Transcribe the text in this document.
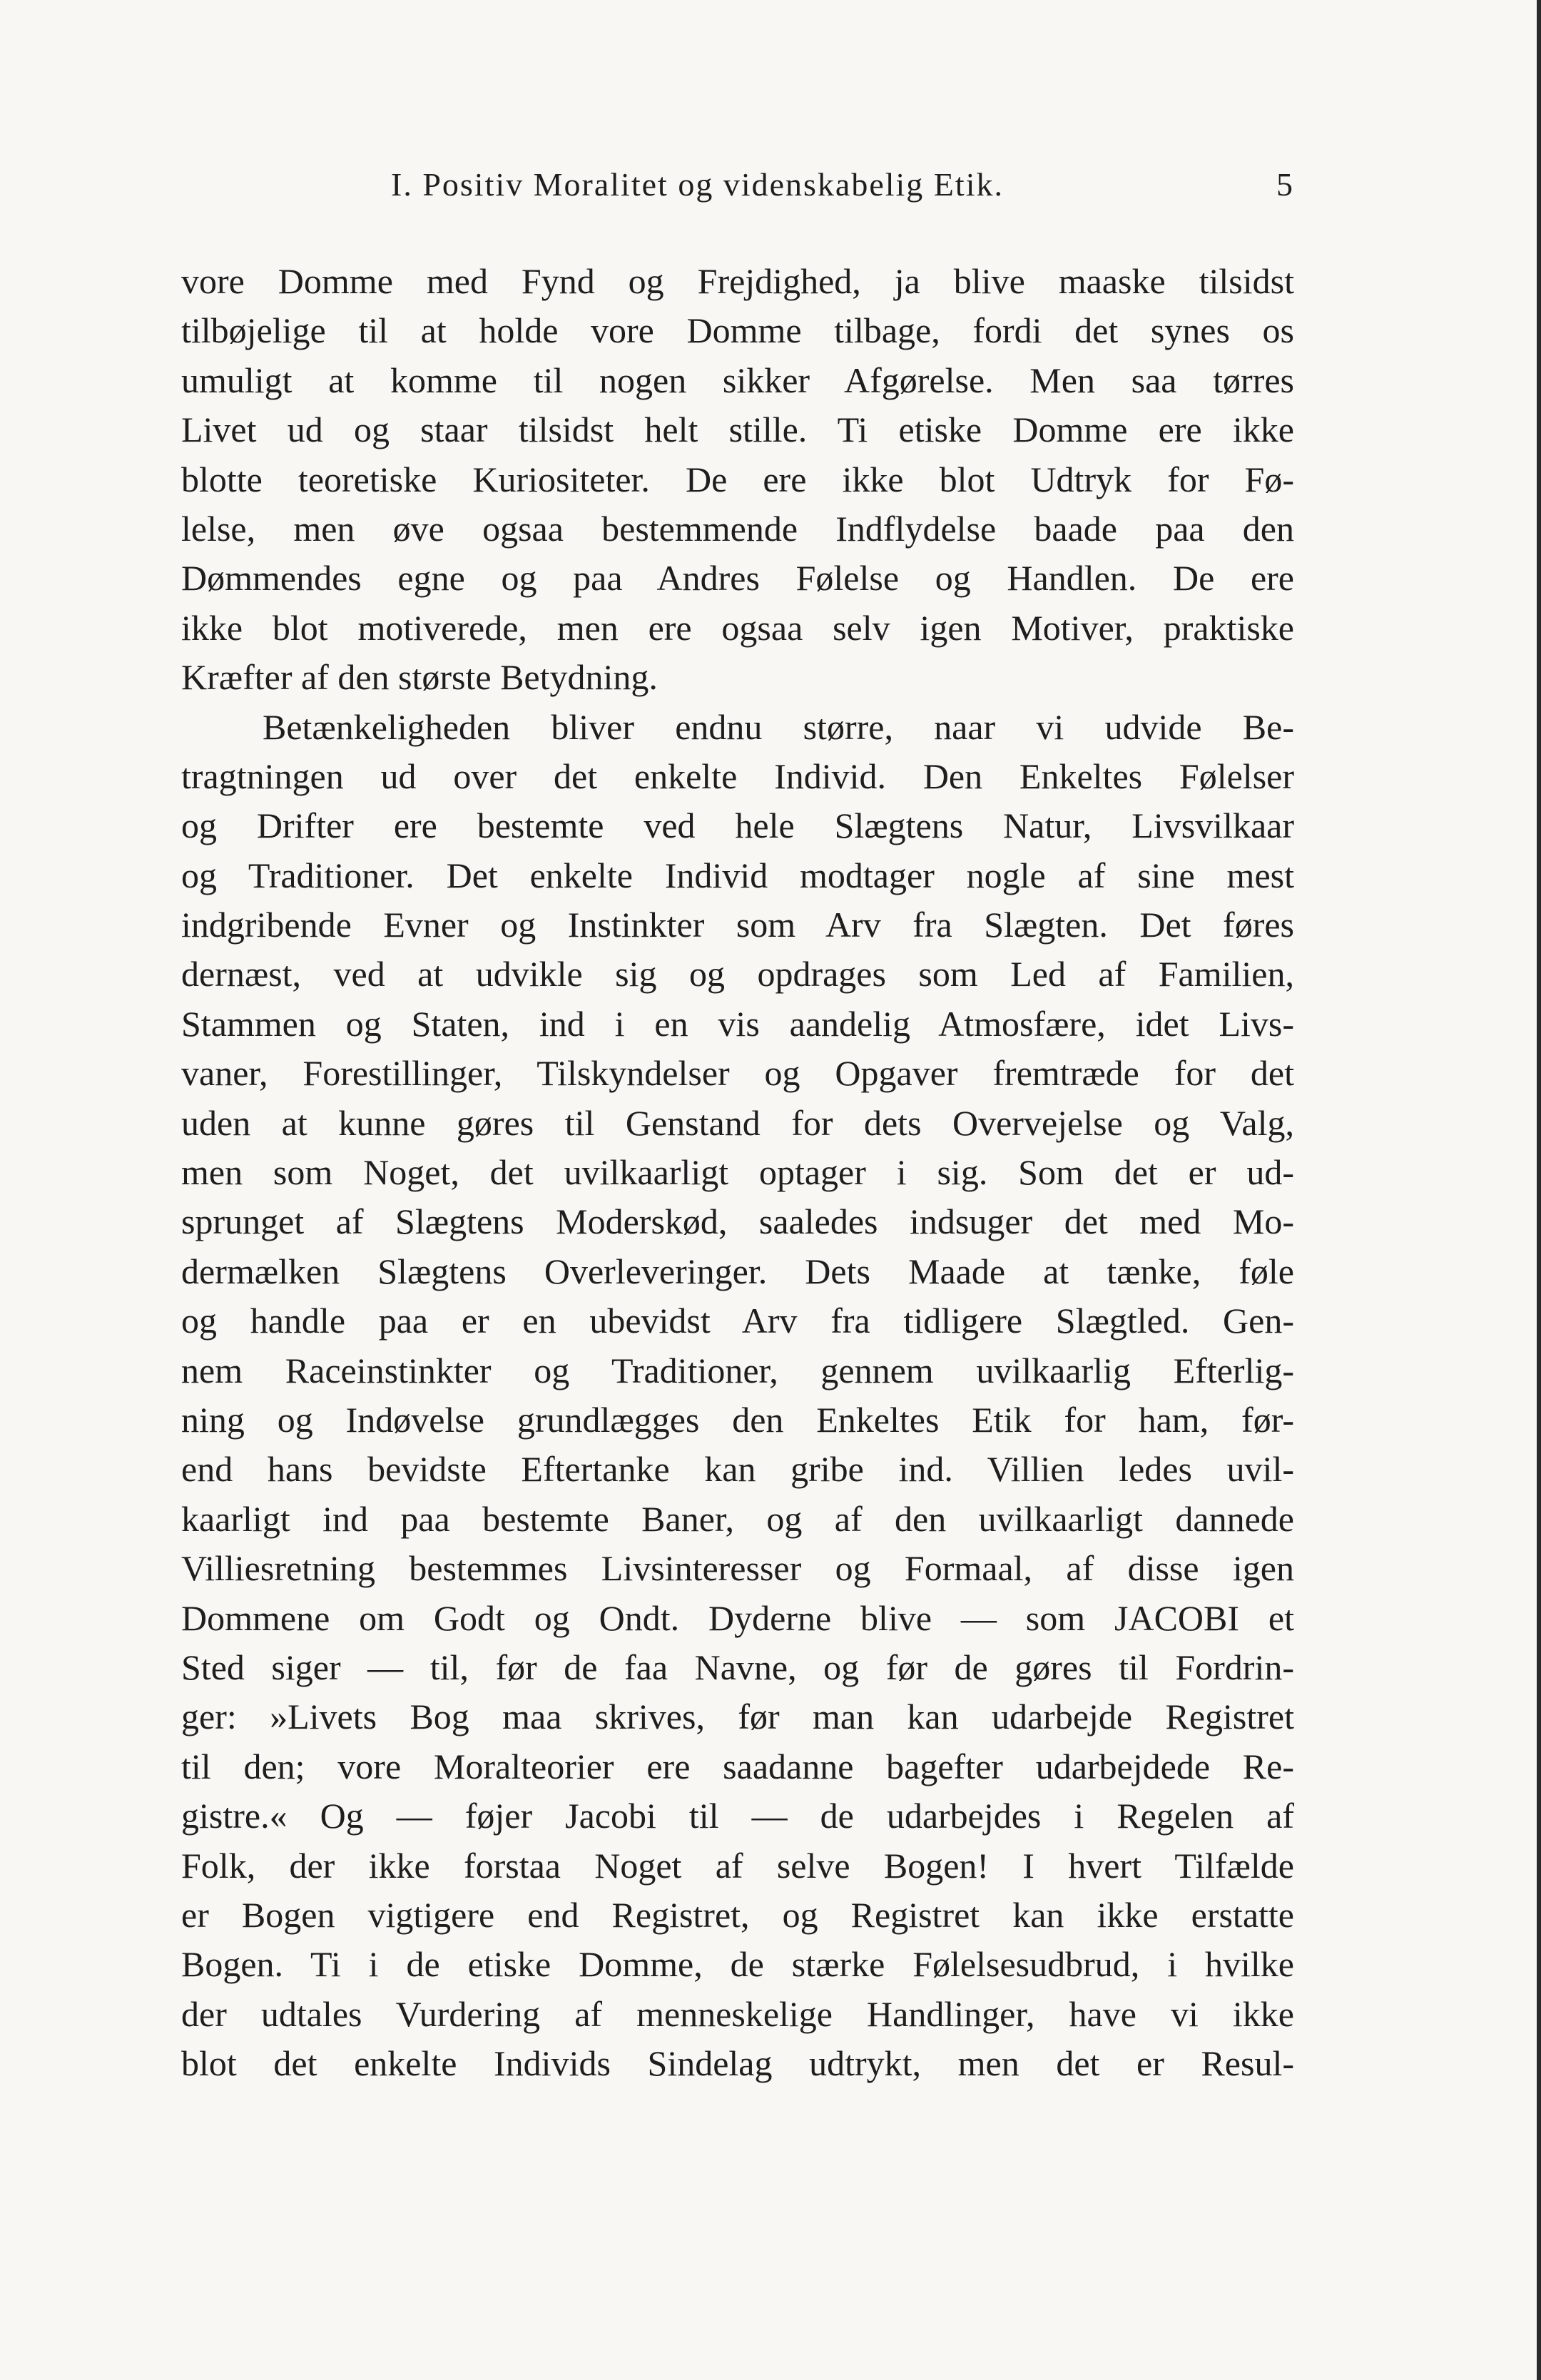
I. Positiv Moralitet og videnskabelig Etik.	5
vore Domme med Fynd og Frejdighed, ja blive maaske tilsidst
tilbøjelige til at holde vore Domme tilbage, fordi det synes os
umuligt at komme til nogen sikker Afgørelse. Men saa tørres
Livet ud og staar tilsidst helt stille. Ti etiske Domme ere ikke
blotte teoretiske Kuriositeter. De ere ikke blot Udtryk for Fø-
lelse, men øve ogsaa bestemmende Indflydelse baade paa den
Dømmendes egne og paa Andres Følelse og Handlen. De ere
ikke blot motiverede, men ere ogsaa selv igen Motiver, praktiske
Kræfter af den største Betydning.
Betænkeligheden bliver endnu større, naar vi udvide Be-
tragtningen ud over det enkelte Individ. Den Enkeltes Følelser
og Drifter ere bestemte ved hele Slægtens Natur, Livsvilkaar
og Traditioner. Det enkelte Individ modtager nogle af sine mest
indgribende Evner og Instinkter som Arv fra Slægten. Det føres
dernæst, ved at udvikle sig og opdrages som Led af Familien,
Stammen og Staten, ind i en vis aandelig Atmosfære, idet Livs-
vaner, Forestillinger, Tilskyndelser og Opgaver fremtræde for det
uden at kunne gøres til Genstand for dets Overvejelse og Valg,
men som Noget, det uvilkaarligt optager i sig. Som det er ud-
sprunget af Slægtens Moderskød, saaledes indsuger det med Mo-
dermælken Slægtens Overleveringer. Dets Maade at tænke, føle
og handle paa er en ubevidst Arv fra tidligere Slægtled. Gen-
nem Raceinstinkter og Traditioner, gennem uvilkaarlig Efterlig-
ning og Indøvelse grundlægges den Enkeltes Etik for ham, før-
end hans bevidste Eftertanke kan gribe ind. Villien ledes uvil-
kaarligt ind paa bestemte Baner, og af den uvilkaarligt dannede
Villiesretning bestemmes Livsinteresser og Formaal, af disse igen
Dommene om Godt og Ondt. Dyderne blive — som JACOBI et
Sted siger — til, før de faa Navne, og før de gøres til Fordrin-
ger: »Livets Bog maa skrives, før man kan udarbejde Registret
til den; vore Moralteorier ere saadanne bagefter udarbejdede Re-
gistre.« Og — føjer Jacobi til — de udarbejdes i Regelen af
Folk, der ikke forstaa Noget af selve Bogen! I hvert Tilfælde
er Bogen vigtigere end Registret, og Registret kan ikke erstatte
Bogen. Ti i de etiske Domme, de stærke Følelsesudbrud, i hvilke
der udtales Vurdering af menneskelige Handlinger, have vi ikke
blot det enkelte Individs Sindelag udtrykt, men det er Resul-
